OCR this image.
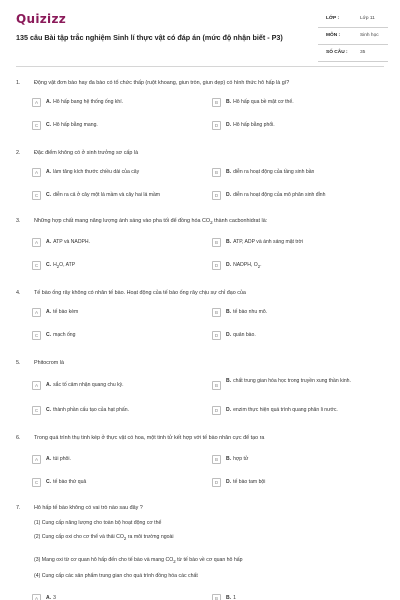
Quizizz
135 câu Bài tập trắc nghiệm Sinh lí thực vật có đáp án (mức độ nhận biết - P3)
LỚP :	Lớp 11
MÔN :	Sinh học
SỐ CÂU :	35
1.	Động vật đơn bào hay đa bào có tổ chức thấp (ruột khoang, giun tròn, giun dẹp) có hình thức hô hấp là gì?
A	A. Hô hấp bang hệ thống ống khí.	B	B. Hô hấp qua bề mặt cơ thể.
C	C. Hô hấp bằng mang.	D	D. Hô hấp bằng phổi.
2.	Đặc điểm không có ở sinh trưởng sơ cấp là
A	A. làm tăng kích thước chiều dài của cây	B	B. diễn ra hoạt động của tầng sinh bần
C	C. diễn ra cả ở cây một lá mầm và cây hai lá mầm	D	D. diễn ra hoạt động của mô phân sinh đỉnh
3.	Những hợp chất mang năng lượng ánh sáng vào pha tối để đồng hóa $CO_2$ thành cacbonhidrat là:
A	A. ATP và NADPH.	B	B. ATP, ADP và ánh sáng mặt trời
C	C. $H_2O$, ATP	D	D. NADPH, $O_2$.
4.	Tế bào ống rây không có nhân tế bào. Hoạt động của tế bào ống rây chịu sự chỉ đạo của
A	A. tế bào kèm	B	B. tế bào nhu mô.
C	C. mạch ống	D	D. quản bào.
5.	Phitocrom là
A	A. sắc tố cảm nhận quang chu kỳ.	B
B. chất trung gian hóa học trong truyền xung thần kinh.
C	C. thành phần cấu tạo của hạt phấn.	D	D. enzim thực hiện quá trình quang phân li nước.
6.	Trong quá trình thụ tinh kép ở thực vật có hoa, một tinh tử kết hợp với tế bào nhân cực để tạo ra
A	A. túi phôi.	B	B. hợp tử
C	C. tế bào thứ quả	D	D. tế bào tam bội
7.	Hô hấp tế bào không có vai trò nào sau đây ?
(1) Cung cấp năng lượng cho toàn bộ hoạt động cơ thể
(2) Cung cấp oxi cho cơ thể và thải $CO_2$ ra môi trường ngoài
(3) Mang oxi từ cơ quan hô hấp đến cho tế bào và mang $CO_2$ từ tế bào về cơ quan hô hấp
(4) Cung cấp các sản phẩm trung gian cho quá trình đồng hóa các chất
A	A. 3	B	B. 1
